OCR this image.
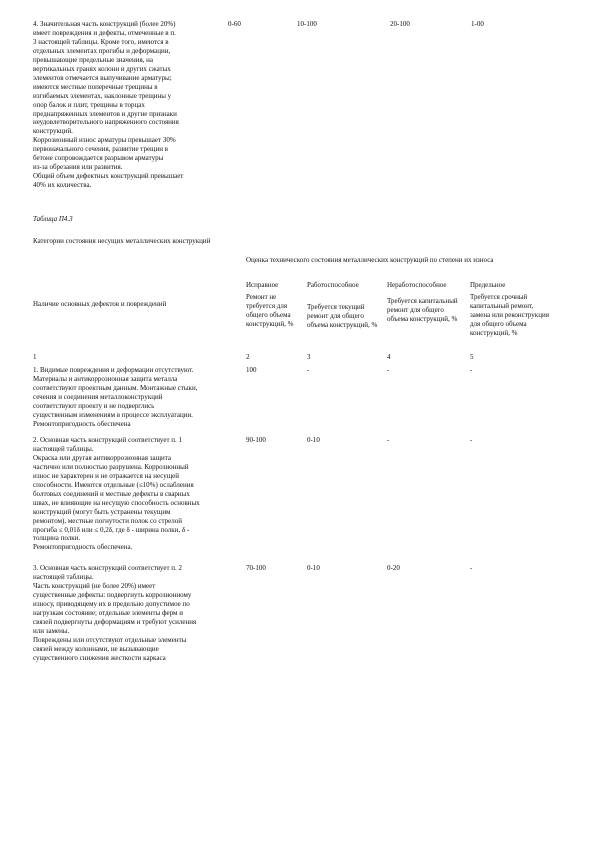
4. Значительная часть конструкций (более 20%)
имеет повреждения и дефекты, отмеченные в п.
3 настоящей таблицы. Кроме того, имеются в
отдельных элементах прогибы и деформации,
превышающие предельные значения, на
вертикальных гранях колонн и других сжатых
элементов отмечается выпучивание арматуры;
имеются местные поперечные трещины в
изгибаемых элементах, наклонные трещины у
опор балок и плит, трещины в торцах
преднапряженных элементов и другие признаки
неудовлетворительного напряженного состояния
конструкций.
Коррозионный износ арматуры превышает 30%
первоначального сечения, развитие трещин в
бетоне сопровождается разрывом арматуры
из-за обрезания или развития.
Общий объем дефектных конструкций превышает
40% их количества.
0-60	10-100	20-100	1-00
Таблица П4.3
Категории состояния несущих металлических конструкций
Оценка технического состояния металлических конструкций по степени их износа
Наличие основных дефектов и повреждений
Исправное	Работоспособное	Неработоспособное	Предельное
Ремонт не требуется для общего объема конструкций, %
Требуется текущий ремонт для общего объема конструкций, %
Требуется капитальный ремонт для общего объема конструкций, %
Требуется срочный капитальный ремонт, замена или реконструкция для общего объема конструкций, %
1	2	3	4	5
1. Видимые повреждения и деформации отсутствуют.
Материалы и антикоррозионная защита металла
соответствуют проектным данным. Монтажные стыки,
сечения и соединения металлоконструкций
соответствуют проекту и не подверглись
существенным изменениям в процессе эксплуатации.
Ремонтопригодность обеспечена
100	-	-	-
2. Основная часть конструкций соответствует п. 1
настоящей таблицы.
Окраска или другая антикоррозионная защита
частично или полностью разрушена. Коррозионный
износ не характерен и не отражается на несущей
способности. Имеются отдельные (≤10%) ослабления
болтовых соединений и местные дефекты в сварных
швах, не влияющие на несущую способность основных
конструкций (могут быть устранены текущим
ремонтом), местные погнутости полок со стрелой
прогиба ≤ 0,01δ или ≤ 0,2δ, где δ - ширина полки, δ -
толщина полки.
Ремонтопригодность обеспечена.
90-100	0-10	-	-
3. Основная часть конструкций соответствует п. 2
настоящей таблицы.
Часть конструкций (не более 20%) имеет
существенные дефекты: подвергнуть коррозионному
износу, приводящему их в предельно допустимое по
нагрузкам состояние; отдельные элементы ферм и
связей подвергнуты деформациям и требуют усиления
или замены.
Повреждены или отсутствуют отдельные элементы
связей между колоннами, не вызывающие
существенного снижения жесткости каркаса
70-100	0-10	0-20	-
